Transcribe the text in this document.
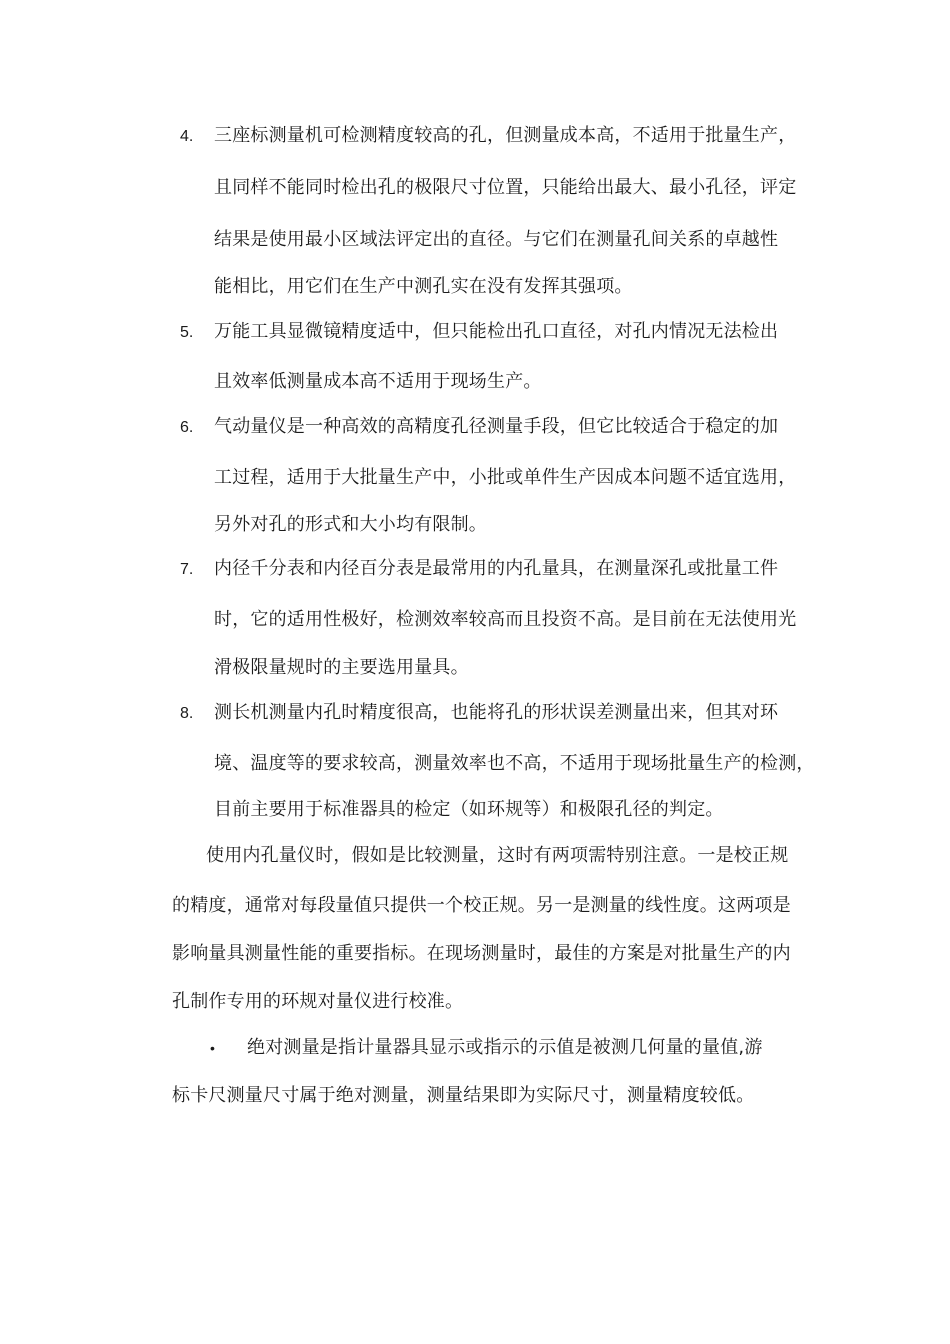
4. 三座标测量机可检测精度较高的孔，但测量成本高，不适用于批量生产，
且同样不能同时检出孔的极限尺寸位置，只能给出最大、最小孔径，评定
结果是使用最小区域法评定出的直径。与它们在测量孔间关系的卓越性
能相比，用它们在生产中测孔实在没有发挥其强项。
5. 万能工具显微镜精度适中，但只能检出孔口直径，对孔内情况无法检出
且效率低测量成本高不适用于现场生产。
6. 气动量仪是一种高效的高精度孔径测量手段，但它比较适合于稳定的加
工过程，适用于大批量生产中，小批或单件生产因成本问题不适宜选用，
另外对孔的形式和大小均有限制。
7. 内径千分表和内径百分表是最常用的内孔量具，在测量深孔或批量工件
时，它的适用性极好，检测效率较高而且投资不高。是目前在无法使用光
滑极限量规时的主要选用量具。
8. 测长机测量内孔时精度很高，也能将孔的形状误差测量出来，但其对环
境、温度等的要求较高，测量效率也不高，不适用于现场批量生产的检测，
目前主要用于标准器具的检定（如环规等）和极限孔径的判定。
使用内孔量仪时，假如是比较测量，这时有两项需特别注意。一是校正规
的精度，通常对每段量值只提供一个校正规。另一是测量的线性度。这两项是
影响量具测量性能的重要指标。在现场测量时，最佳的方案是对批量生产的内
孔制作专用的环规对量仪进行校准。
• 绝对测量是指计量器具显示或指示的示值是被测几何量的量值,游
标卡尺测量尺寸属于绝对测量，测量结果即为实际尺寸，测量精度较低。
